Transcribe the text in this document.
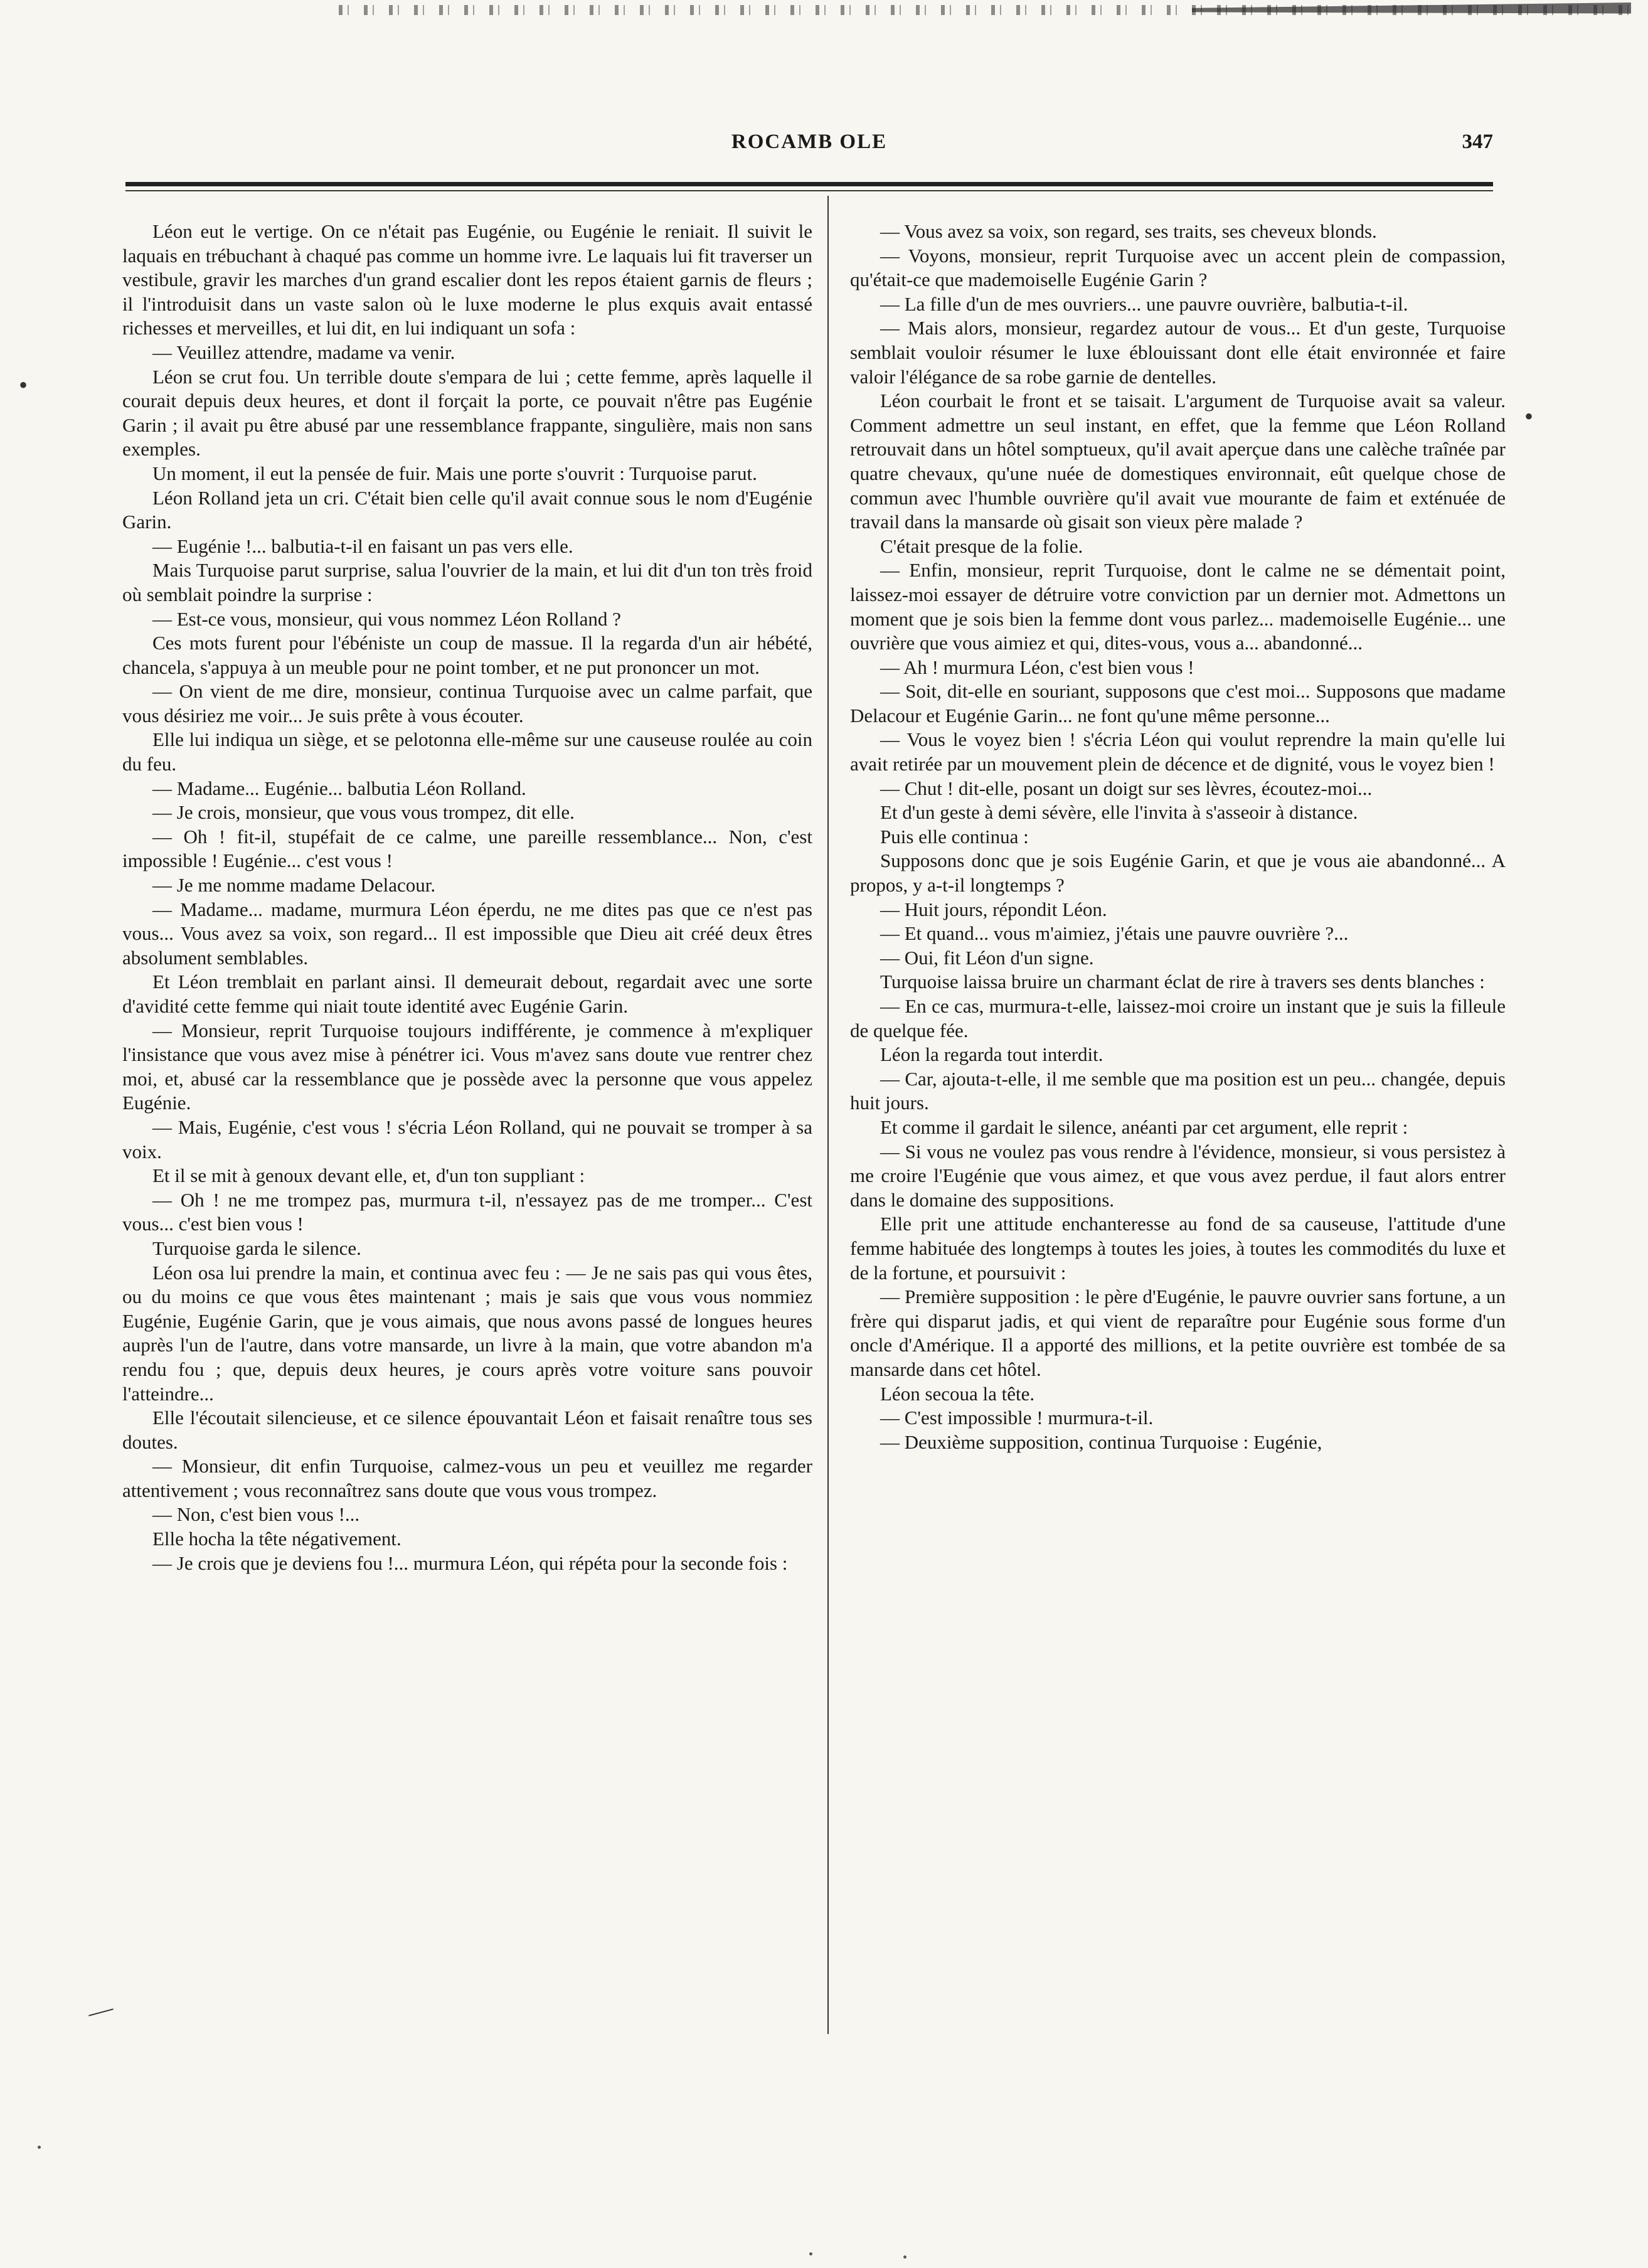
ROCAMB OLE	347

Léon eut le vertige. On ce n'était pas Eugénie, ou Eugénie le reniait. Il suivit le laquais en trébuchant à chaqué pas comme un homme ivre. Le laquais lui fit traverser un vestibule, gravir les marches d'un grand escalier dont les repos étaient garnis de fleurs ; il l'introduisit dans un vaste salon où le luxe moderne le plus exquis avait entassé richesses et merveilles, et lui dit, en lui indiquant un sofa :

— Veuillez attendre, madame va venir.

Léon se crut fou. Un terrible doute s'empara de lui ; cette femme, après laquelle il courait depuis deux heures, et dont il forçait la porte, ce pouvait n'être pas Eugénie Garin ; il avait pu être abusé par une ressemblance frappante, singulière, mais non sans exemples.

Un moment, il eut la pensée de fuir. Mais une porte s'ouvrit : Turquoise parut.

Léon Rolland jeta un cri. C'était bien celle qu'il avait connue sous le nom d'Eugénie Garin.

— Eugénie !... balbutia-t-il en faisant un pas vers elle.

Mais Turquoise parut surprise, salua l'ouvrier de la main, et lui dit d'un ton très froid où semblait poindre la surprise :

— Est-ce vous, monsieur, qui vous nommez Léon Rolland ?

Ces mots furent pour l'ébéniste un coup de massue. Il la regarda d'un air hébété, chancela, s'appuya à un meuble pour ne point tomber, et ne put prononcer un mot.

— On vient de me dire, monsieur, continua Turquoise avec un calme parfait, que vous désiriez me voir... Je suis prête à vous écouter.

Elle lui indiqua un siège, et se pelotonna elle-même sur une causeuse roulée au coin du feu.

— Madame... Eugénie... balbutia Léon Rolland.

— Je crois, monsieur, que vous vous trompez, dit elle.

— Oh ! fit-il, stupéfait de ce calme, une pareille ressemblance... Non, c'est impossible ! Eugénie... c'est vous !

— Je me nomme madame Delacour.

— Madame... madame, murmura Léon éperdu, ne me dites pas que ce n'est pas vous... Vous avez sa voix, son regard... Il est impossible que Dieu ait créé deux êtres absolument semblables.

Et Léon tremblait en parlant ainsi. Il demeurait debout, regardait avec une sorte d'avidité cette femme qui niait toute identité avec Eugénie Garin.

— Monsieur, reprit Turquoise toujours indifférente, je commence à m'expliquer l'insistance que vous avez mise à pénétrer ici. Vous m'avez sans doute vue rentrer chez moi, et, abusé car la ressemblance que je possède avec la personne que vous appelez Eugénie.

— Mais, Eugénie, c'est vous ! s'écria Léon Rolland, qui ne pouvait se tromper à sa voix.

Et il se mit à genoux devant elle, et, d'un ton suppliant :

— Oh ! ne me trompez pas, murmura t-il, n'essayez pas de me tromper... C'est vous... c'est bien vous !

Turquoise garda le silence.

Léon osa lui prendre la main, et continua avec feu : — Je ne sais pas qui vous êtes, ou du moins ce que vous êtes maintenant ; mais je sais que vous vous nommiez Eugénie, Eugénie Garin, que je vous aimais, que nous avons passé de longues heures auprès l'un de l'autre, dans votre mansarde, un livre à la main, que votre abandon m'a rendu fou ; que, depuis deux heures, je cours après votre voiture sans pouvoir l'atteindre...

Elle l'écoutait silencieuse, et ce silence épouvantait Léon et faisait renaître tous ses doutes.

— Monsieur, dit enfin Turquoise, calmez-vous un peu et veuillez me regarder attentivement ; vous reconnaîtrez sans doute que vous vous trompez.

— Non, c'est bien vous !...

Elle hocha la tête négativement.

— Je crois que je deviens fou !... murmura Léon, qui répéta pour la seconde fois :

— Vous avez sa voix, son regard, ses traits, ses cheveux blonds.

— Voyons, monsieur, reprit Turquoise avec un accent plein de compassion, qu'était-ce que mademoiselle Eugénie Garin ?

— La fille d'un de mes ouvriers... une pauvre ouvrière, balbutia-t-il.

— Mais alors, monsieur, regardez autour de vous... Et d'un geste, Turquoise semblait vouloir résumer le luxe éblouissant dont elle était environnée et faire valoir l'élégance de sa robe garnie de dentelles.

Léon courbait le front et se taisait. L'argument de Turquoise avait sa valeur. Comment admettre un seul instant, en effet, que la femme que Léon Rolland retrouvait dans un hôtel somptueux, qu'il avait aperçue dans une calèche traînée par quatre chevaux, qu'une nuée de domestiques environnait, eût quelque chose de commun avec l'humble ouvrière qu'il avait vue mourante de faim et exténuée de travail dans la mansarde où gisait son vieux père malade ?

C'était presque de la folie.

— Enfin, monsieur, reprit Turquoise, dont le calme ne se démentait point, laissez-moi essayer de détruire votre conviction par un dernier mot. Admettons un moment que je sois bien la femme dont vous parlez... mademoiselle Eugénie... une ouvrière que vous aimiez et qui, dites-vous, vous a... abandonné...

— Ah ! murmura Léon, c'est bien vous !

— Soit, dit-elle en souriant, supposons que c'est moi... Supposons que madame Delacour et Eugénie Garin... ne font qu'une même personne...

— Vous le voyez bien ! s'écria Léon qui voulut reprendre la main qu'elle lui avait retirée par un mouvement plein de décence et de dignité, vous le voyez bien !

— Chut ! dit-elle, posant un doigt sur ses lèvres, écoutez-moi...

Et d'un geste à demi sévère, elle l'invita à s'asseoir à distance.

Puis elle continua :

Supposons donc que je sois Eugénie Garin, et que je vous aie abandonné... A propos, y a-t-il longtemps ?

— Huit jours, répondit Léon.

— Et quand... vous m'aimiez, j'étais une pauvre ouvrière ?...

— Oui, fit Léon d'un signe.

Turquoise laissa bruire un charmant éclat de rire à travers ses dents blanches :

— En ce cas, murmura-t-elle, laissez-moi croire un instant que je suis la filleule de quelque fée.

Léon la regarda tout interdit.

— Car, ajouta-t-elle, il me semble que ma position est un peu... changée, depuis huit jours.

Et comme il gardait le silence, anéanti par cet argument, elle reprit :

— Si vous ne voulez pas vous rendre à l'évidence, monsieur, si vous persistez à me croire l'Eugénie que vous aimez, et que vous avez perdue, il faut alors entrer dans le domaine des suppositions.

Elle prit une attitude enchanteresse au fond de sa causeuse, l'attitude d'une femme habituée des longtemps à toutes les joies, à toutes les commodités du luxe et de la fortune, et poursuivit :

— Première supposition : le père d'Eugénie, le pauvre ouvrier sans fortune, a un frère qui disparut jadis, et qui vient de reparaître pour Eugénie sous forme d'un oncle d'Amérique. Il a apporté des millions, et la petite ouvrière est tombée de sa mansarde dans cet hôtel.

Léon secoua la tête.

— C'est impossible ! murmura-t-il.

— Deuxième supposition, continua Turquoise : Eugénie,

•
•
—
